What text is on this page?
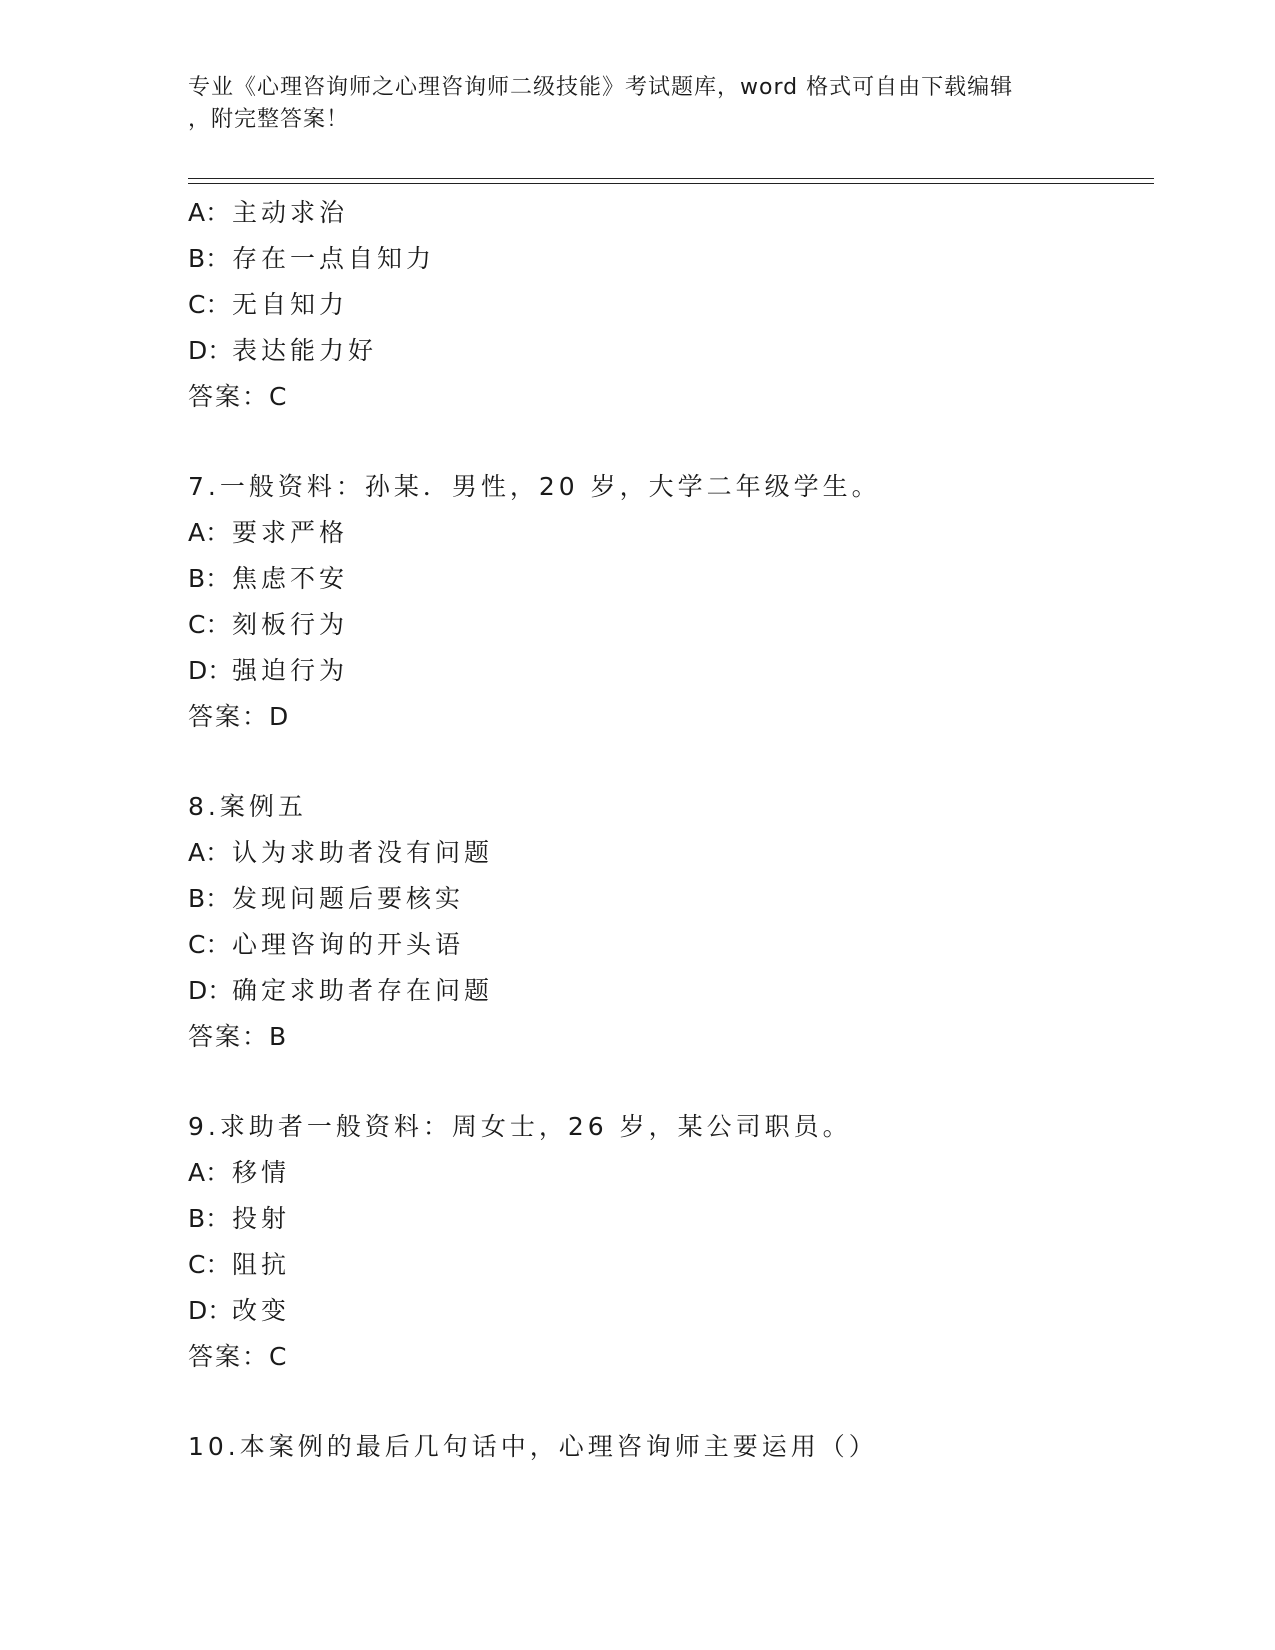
专业《心理咨询师之心理咨询师二级技能》考试题库，word 格式可自由下载编辑
，附完整答案！
A：主动求治
B：存在一点自知力
C：无自知力
D：表达能力好
答案：C
7.一般资料：孙某．男性，20 岁，大学二年级学生。
A：要求严格
B：焦虑不安
C：刻板行为
D：强迫行为
答案：D
8.案例五
A：认为求助者没有问题
B：发现问题后要核实
C：心理咨询的开头语
D：确定求助者存在问题
答案：B
9.求助者一般资料：周女士，26 岁，某公司职员。
A：移情
B：投射
C：阻抗
D：改变
答案：C
10.本案例的最后几句话中，心理咨询师主要运用（）
